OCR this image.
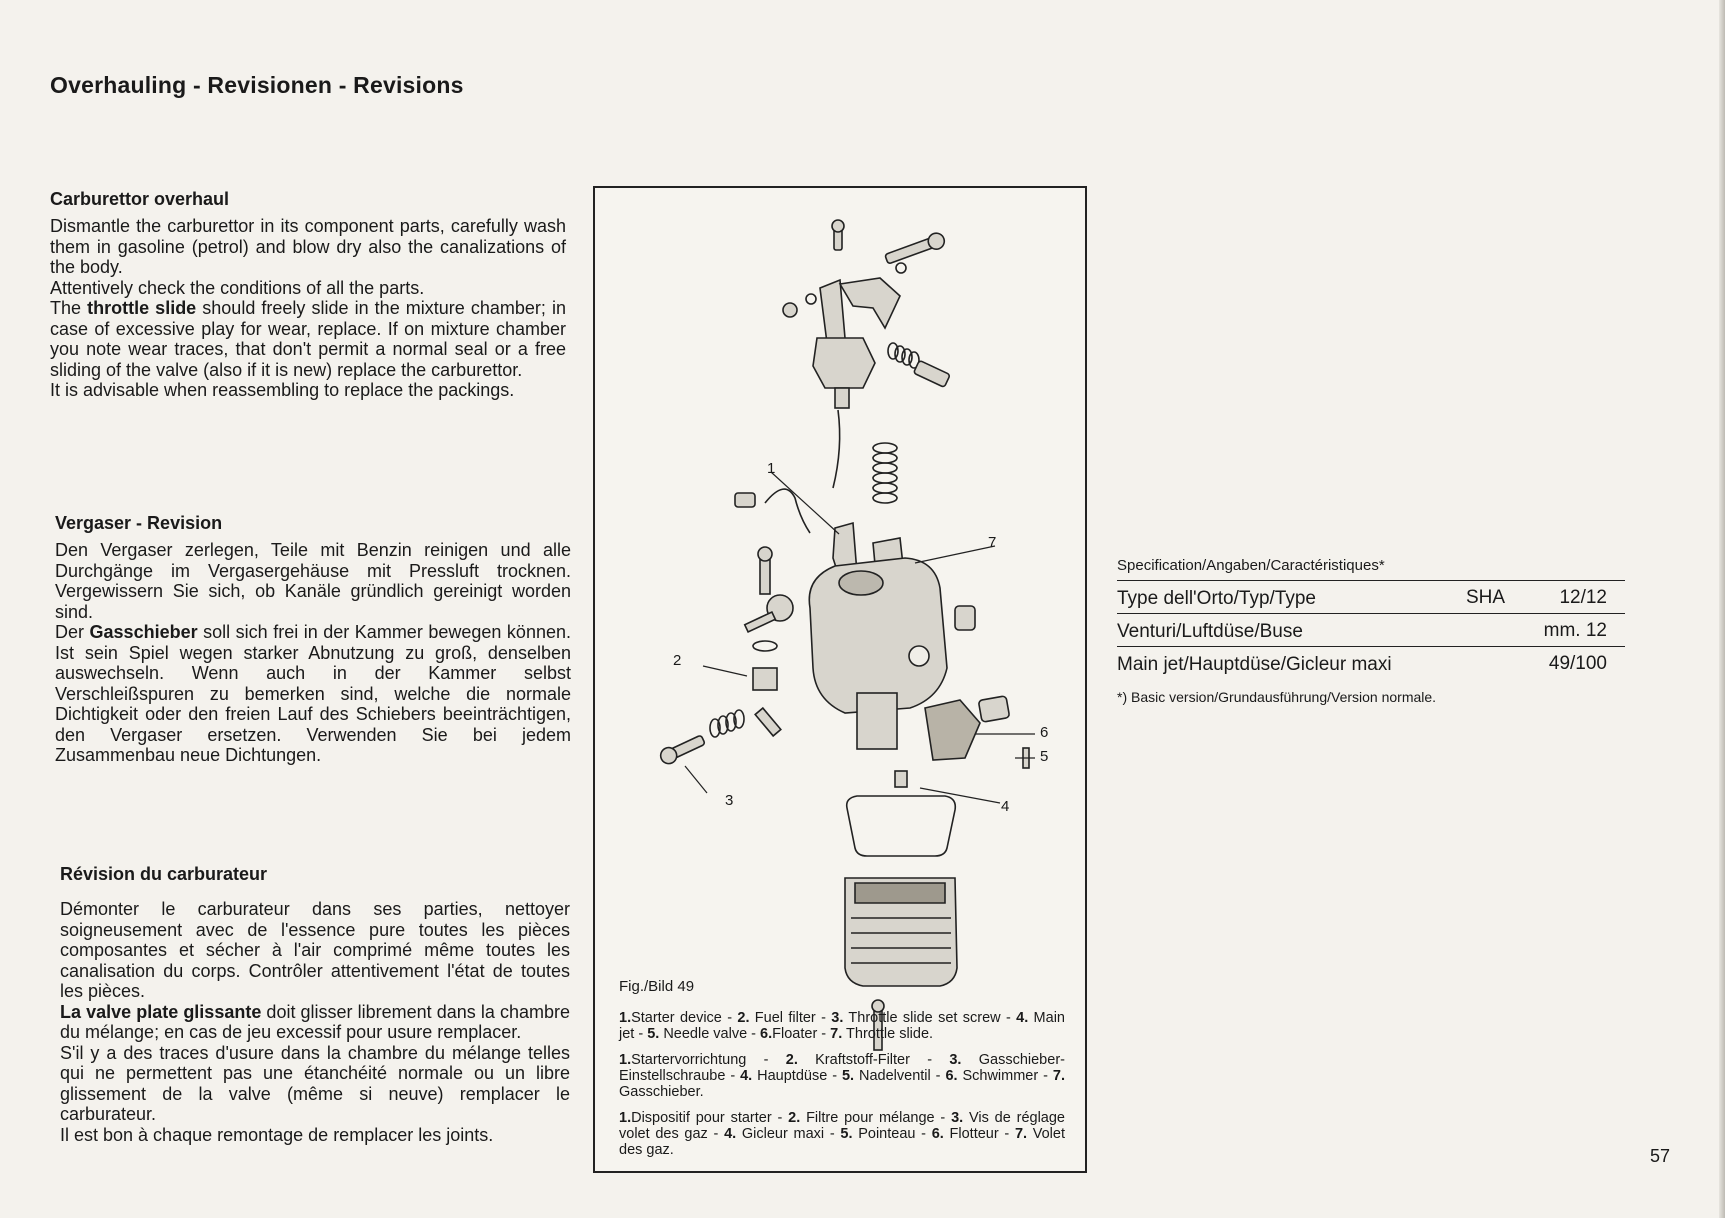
Overhauling - Revisionen - Revisions
Carburettor overhaul

Dismantle the carburettor in its component parts, carefully wash them in gasoline (petrol) and blow dry also the canalizations of the body.

Attentively check the conditions of all the parts.

The throttle slide should freely slide in the mixture chamber; in case of excessive play for wear, replace. If on mixture chamber you note wear traces, that don't permit a normal seal or a free sliding of the valve (also if it is new) replace the carburettor.

It is advisable when reassembling to replace the packings.

Vergaser - Revision

Den Vergaser zerlegen, Teile mit Benzin reinigen und alle Durchgänge im Vergasergehäuse mit Pressluft trocknen. Vergewissern Sie sich, ob Kanäle gründlich gereinigt worden sind.

Der Gasschieber soll sich frei in der Kammer bewegen können. Ist sein Spiel wegen starker Abnutzung zu groß, denselben auswechseln. Wenn auch in der Kammer selbst Verschleißspuren zu bemerken sind, welche die normale Dichtigkeit oder den freien Lauf des Schiebers beeinträchtigen, den Vergaser ersetzen. Verwenden Sie bei jedem Zusammenbau neue Dichtungen.

Révision du carburateur

Démonter le carburateur dans ses parties, nettoyer soigneusement avec de l'essence pure toutes les pièces composantes et sécher à l'air comprimé même toutes les canalisation du corps. Contrôler attentivement l'état de toutes les pièces.

La valve plate glissante doit glisser librement dans la chambre du mélange; en cas de jeu excessif pour usure remplacer.

S'il y a des traces d'usure dans la chambre du mélange telles qui ne permettent pas une étanchéité normale ou un libre glissement de la valve (même si neuve) remplacer le carburateur.

Il est bon à chaque remontage de remplacer les joints.

1
2
3	4
5
6
7
Fig./Bild 49
1.Starter device - 2. Fuel filter - 3. Throttle slide set screw - 4. Main jet - 5. Needle valve - 6.Floater - 7. Throttle slide.
1.Startervorrichtung - 2. Kraftstoff-Filter - 3. Gasschieber-Einstellschraube - 4. Hauptdüse - 5. Nadelventil - 6. Schwimmer - 7. Gasschieber.
1.Dispositif pour starter - 2. Filtre pour mélange - 3. Vis de réglage volet des gaz - 4. Gicleur maxi - 5. Pointeau - 6. Flotteur - 7. Volet des gaz.
Specification/Angaben/Caractéristiques*
Type dell'Orto/Typ/Type	SHA	12/12
Venturi/Luftdüse/Buse	mm. 12
Main jet/Hauptdüse/Gicleur maxi	49/100
*) Basic version/Grundausführung/Version normale.
57
